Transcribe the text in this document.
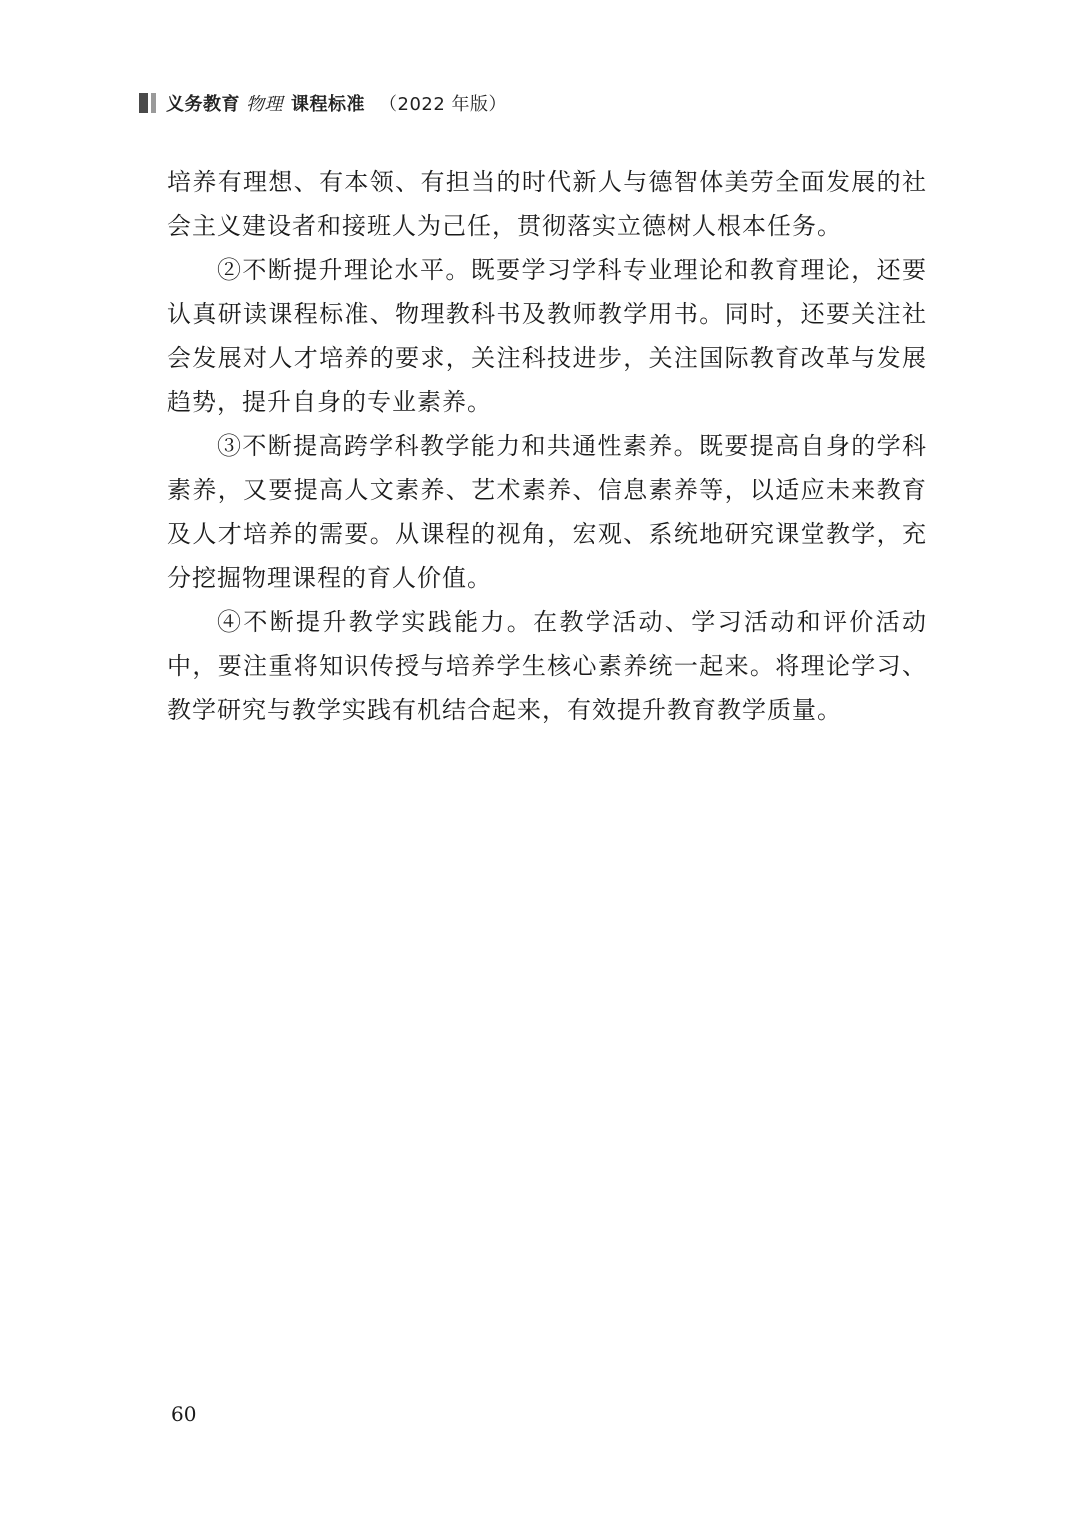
义务教育 物理 课程标准 （2022 年版）

培养有理想、有本领、有担当的时代新人与德智体美劳全面发展的社会主义建设者和接班人为己任，贯彻落实立德树人根本任务。

②不断提升理论水平。既要学习学科专业理论和教育理论，还要认真研读课程标准、物理教科书及教师教学用书。同时，还要关注社会发展对人才培养的要求，关注科技进步，关注国际教育改革与发展趋势，提升自身的专业素养。

③不断提高跨学科教学能力和共通性素养。既要提高自身的学科素养，又要提高人文素养、艺术素养、信息素养等，以适应未来教育及人才培养的需要。从课程的视角，宏观、系统地研究课堂教学，充分挖掘物理课程的育人价值。

④不断提升教学实践能力。在教学活动、学习活动和评价活动中，要注重将知识传授与培养学生核心素养统一起来。将理论学习、教学研究与教学实践有机结合起来，有效提升教育教学质量。

60
